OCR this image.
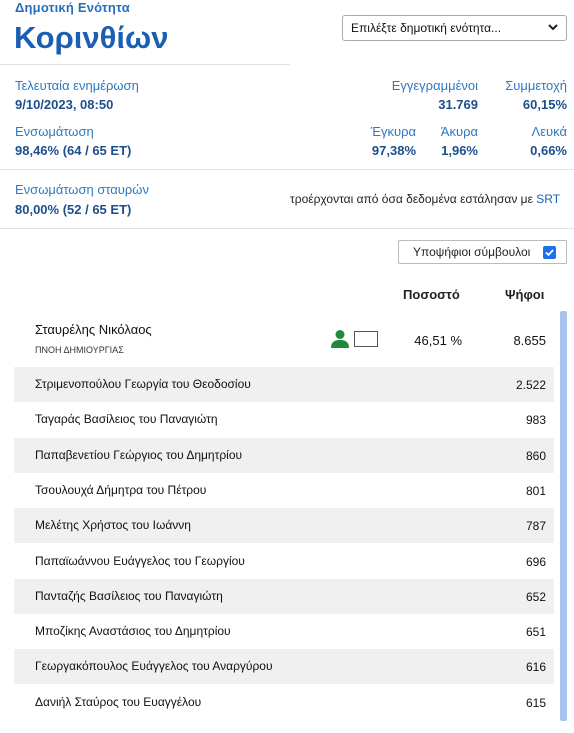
Δημοτική Ενότητα
Κορινθίων	Επιλέξτε δημοτική ενότητα...
Τελευταία ενημέρωση
9/10/2023, 08:50
Ενσωμάτωση
98,46% (64 / 65 ΕΤ)
Ενσωμάτωση σταυρών
80,00% (52 / 65 ΕΤ)
Εγγεγραμμένοι
31.769
Συμμετοχή
60,15%
Έγκυρα
97,38%
Άκυρα
1,96%
Λευκά
0,66%
τροέρχονται από όσα δεδομένα εστάλησαν με SRT
Υποψήφιοι σύμβουλοι
Ποσοστό	Ψήφοι
Σταυρέλης Νικόλαος
ΠΝΟΗ ΔΗΜΙΟΥΡΓΙΑΣ
46,51 %	8.655
Στριμενοπούλου Γεωργία του Θεοδοσίου	2.522
Ταγαράς Βασίλειος του Παναγιώτη	983
Παπαβενετίου Γεώργιος του Δημητρίου	860
Τσουλουχά Δήμητρα του Πέτρου	801
Μελέτης Χρήστος του Ιωάννη	787
Παπαϊωάννου Ευάγγελος του Γεωργίου	696
Πανταζής Βασίλειος του Παναγιώτη	652
Μποζίκης Αναστάσιος του Δημητρίου	651
Γεωργακόπουλος Ευάγγελος του Αναργύρου	616
Δανιήλ Σταύρος του Ευαγγέλου	615
